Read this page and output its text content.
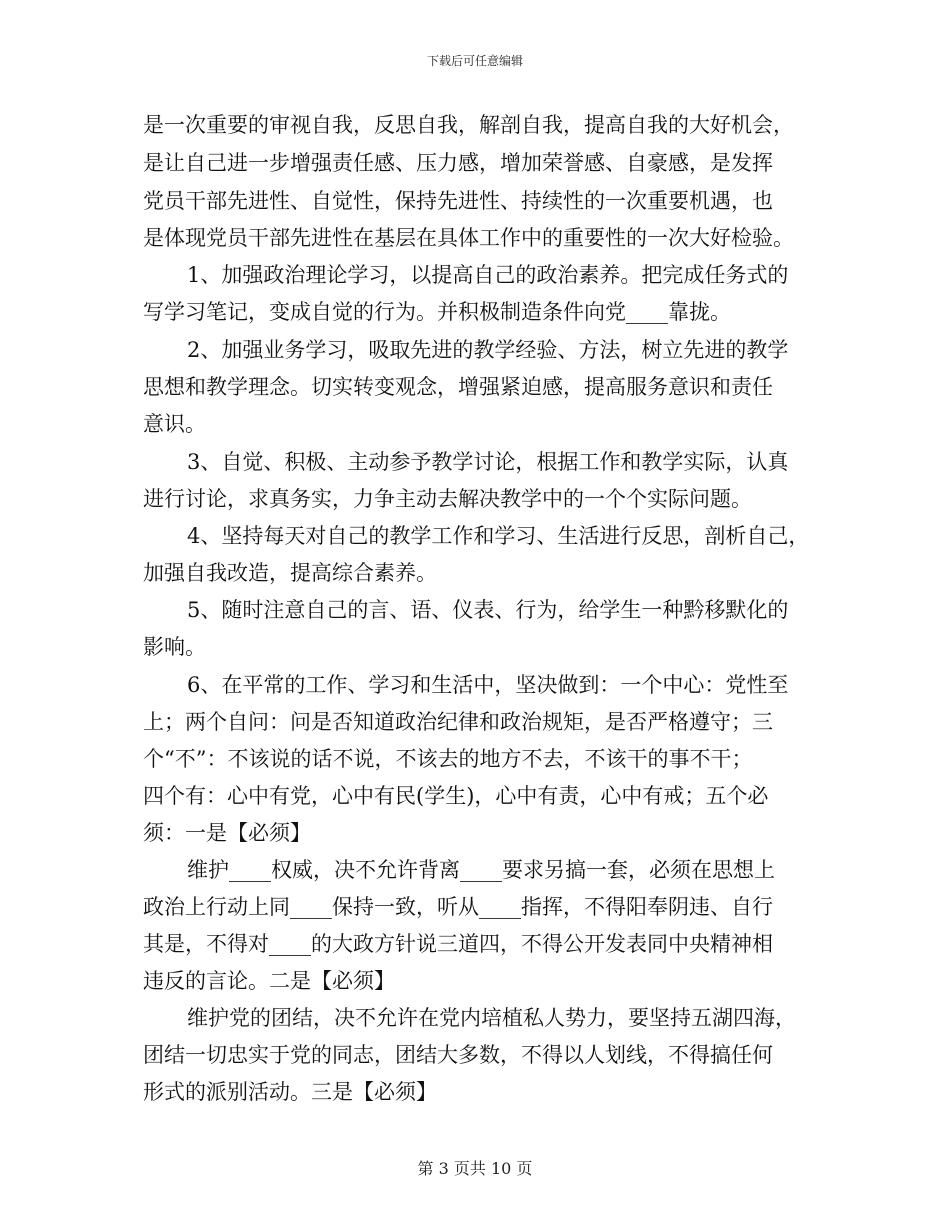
下载后可任意编辑
是一次重要的审视自我，反思自我，解剖自我，提高自我的大好机会，
是让自己进一步增强责任感、压力感，增加荣誉感、自豪感，是发挥
党员干部先进性、自觉性，保持先进性、持续性的一次重要机遇，也
是体现党员干部先进性在基层在具体工作中的重要性的一次大好检验。
1、加强政治理论学习，以提高自己的政治素养。把完成任务式的
写学习笔记，变成自觉的行为。并积极制造条件向党____靠拢。
2、加强业务学习，吸取先进的教学经验、方法，树立先进的教学
思想和教学理念。切实转变观念，增强紧迫感，提高服务意识和责任
意识。
3、自觉、积极、主动参予教学讨论，根据工作和教学实际，认真
进行讨论，求真务实，力争主动去解决教学中的一个个实际问题。
4、坚持每天对自己的教学工作和学习、生活进行反思，剖析自己，
加强自我改造，提高综合素养。
5、随时注意自己的言、语、仪表、行为，给学生一种黔移默化的
影响。
6、在平常的工作、学习和生活中，坚决做到：一个中心：党性至
上；两个自问：问是否知道政治纪律和政治规矩，是否严格遵守；三
个“不”：不该说的话不说，不该去的地方不去，不该干的事不干；
四个有：心中有党，心中有民(学生)，心中有责，心中有戒；五个必
须：一是【必须】
维护____权威，决不允许背离____要求另搞一套，必须在思想上
政治上行动上同____保持一致，听从____指挥，不得阳奉阴违、自行
其是，不得对____的大政方针说三道四，不得公开发表同中央精神相
违反的言论。二是【必须】
维护党的团结，决不允许在党内培植私人势力，要坚持五湖四海，
团结一切忠实于党的同志，团结大多数，不得以人划线，不得搞任何
形式的派别活动。三是【必须】
第 3 页共 10 页
